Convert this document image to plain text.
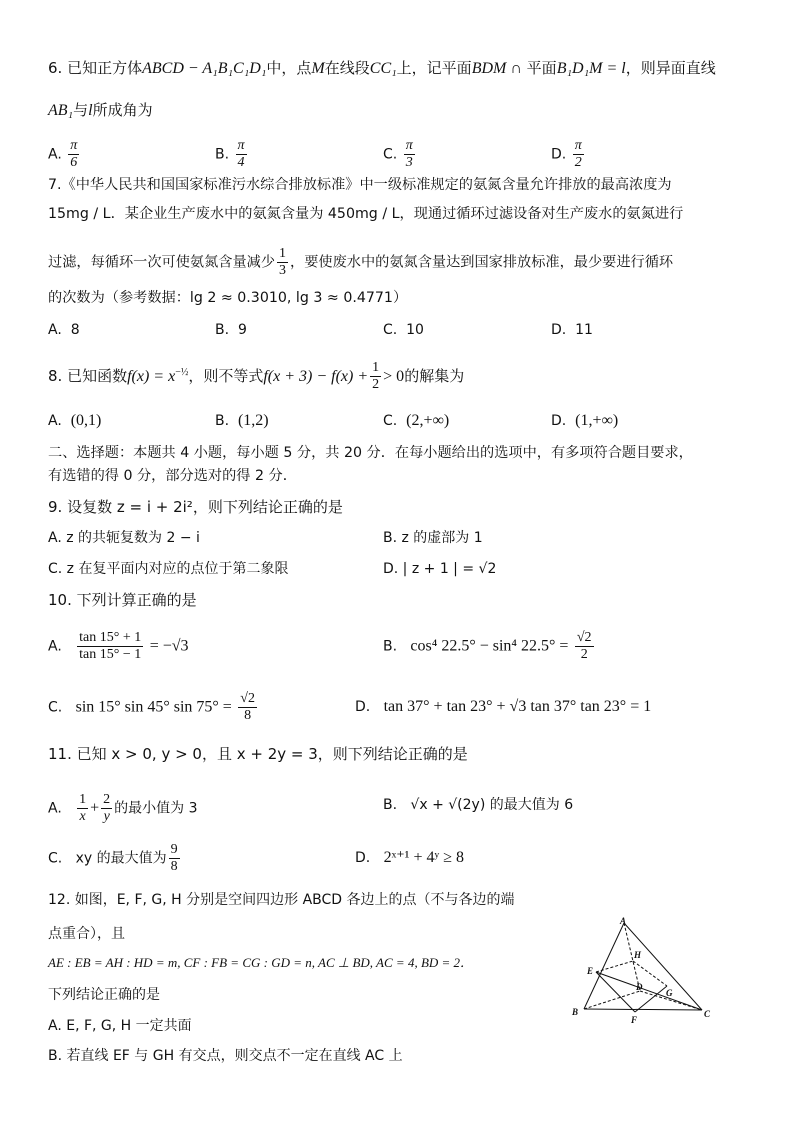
6. 已知正方体ABCD − A₁B₁C₁D₁中，点M在线段CC₁上，记平面BDM ∩ 平面B₁D₁M = l，则异面直线
AB₁与l所成角为
A. $\frac{\pi}{6}$	B. $\frac{\pi}{4}$	C. $\frac{\pi}{3}$	D. $\frac{\pi}{2}$
7.《中华人民共和国国家标准污水综合排放标准》中一级标准规定的氨氮含量允许排放的最高浓度为
15mg / L．某企业生产废水中的氨氮含量为 450mg / L，现通过循环过滤设备对生产废水的氨氮进行
过滤，每循环一次可使氨氮含量减少 $\frac{1}{3}$ ，要使废水中的氨氮含量达到国家排放标准，最少要进行循环
的次数为（参考数据：lg 2 ≈ 0.3010, lg 3 ≈ 0.4771）
A. 8	B. 9	C. 10	D. 11
8. 已知函数$f(x) = x^{-\frac{1}{2}}$，则不等式$f(x + 3) - f(x) + \frac{1}{2} > 0$的解集为
A. (0,1)	B. (1,2)	C. (2,+∞)	D. (1,+∞)
二、选择题：本题共 4 小题，每小题 5 分，共 20 分．在每小题给出的选项中，有多项符合题目要求，
有选错的得 0 分，部分选对的得 2 分．
9. 设复数 z = i + 2i²，则下列结论正确的是
A. z 的共轭复数为 2 − i	B. z 的虚部为 1
C. z 在复平面内对应的点位于第二象限	D. | z + 1 | = √2
10. 下列计算正确的是
A. $\frac{\tan 15^\circ + 1}{\tan 15^\circ - 1} = -√3$	B. cos⁴ 22.5° − sin⁴ $22.5^\circ = \frac{√2}{2}$
C. sin 15° sin 45° $\sin 75^\circ = \frac{√2}{8}$	D. tan 37° + tan 23° + √3 tan 37° tan 23° = 1
11. 已知 x > 0, y > 0，且 x + 2y = 3，则下列结论正确的是
A. $\frac{1}{x} + \frac{2}{y}$ 的最小值为 3	B. √x + √(2y) 的最大值为 6
C. xy 的最大值为 $\frac{9}{8}$	D. 2ˣ⁺¹ + 4ʸ ≥ 8
12. 如图，E, F, G, H 分别是空间四边形 ABCD 各边上的点（不与各边的端
点重合），且
AE : EB = AH : HD = m, CF : FB = CG : GD = n, AC ⊥ BD, AC = 4, BD = 2．
下列结论正确的是
A. E, F, G, H 一定共面
B. 若直线 EF 与 GH 有交点，则交点不一定在直线 AC 上
A
B	C
D
E
F
G
H
